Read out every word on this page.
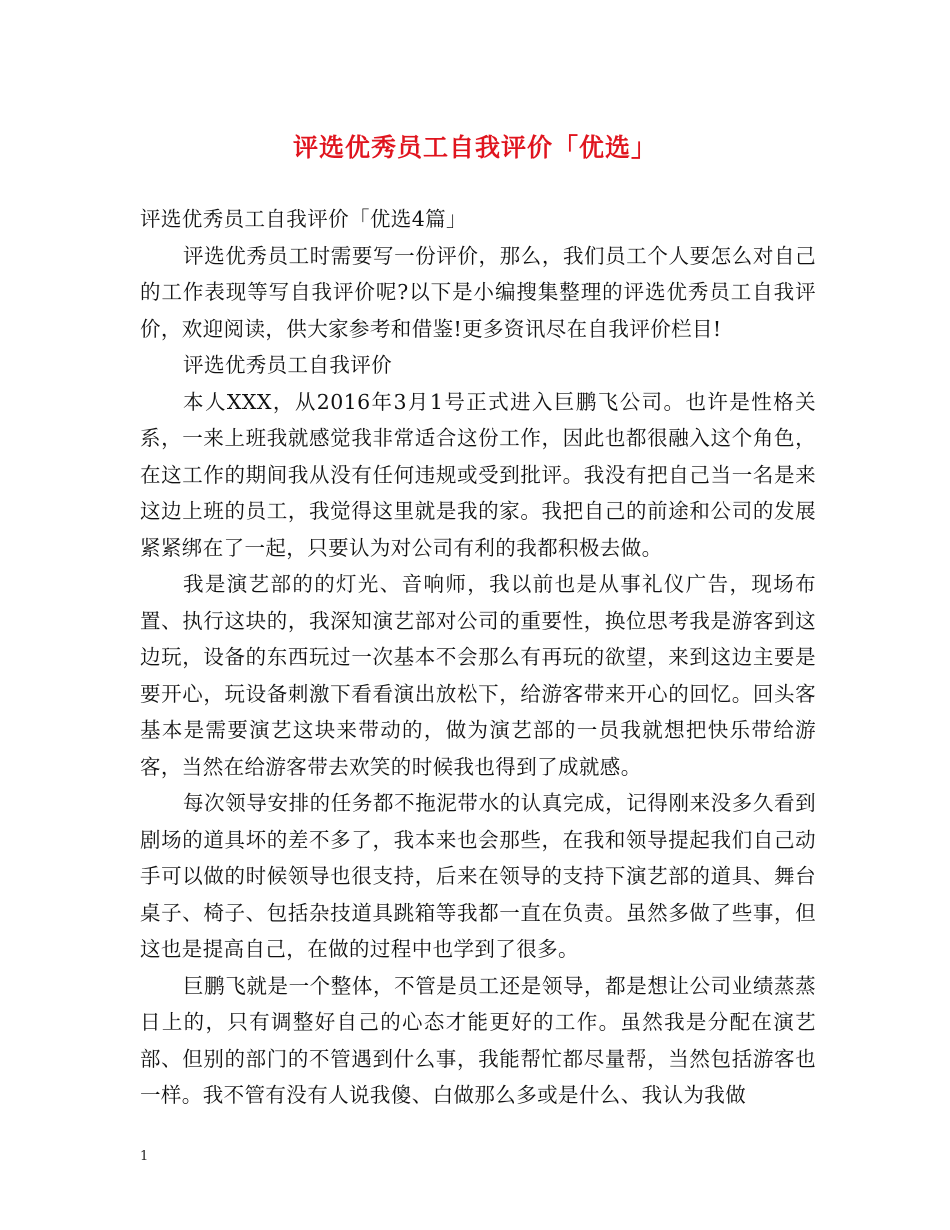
评选优秀员工自我评价「优选」

评选优秀员工自我评价「优选4篇」

评选优秀员工时需要写一份评价，那么，我们员工个人要怎么对自己的工作表现等写自我评价呢?以下是小编搜集整理的评选优秀员工自我评价，欢迎阅读，供大家参考和借鉴!更多资讯尽在自我评价栏目!

评选优秀员工自我评价

本人XXX，从2016年3月1号正式进入巨鹏飞公司。也许是性格关系，一来上班我就感觉我非常适合这份工作，因此也都很融入这个角色，在这工作的期间我从没有任何违规或受到批评。我没有把自己当一名是来这边上班的员工，我觉得这里就是我的家。我把自己的前途和公司的发展紧紧绑在了一起，只要认为对公司有利的我都积极去做。

我是演艺部的的灯光、音响师，我以前也是从事礼仪广告，现场布置、执行这块的，我深知演艺部对公司的重要性，换位思考我是游客到这边玩，设备的东西玩过一次基本不会那么有再玩的欲望，来到这边主要是要开心，玩设备刺激下看看演出放松下，给游客带来开心的回忆。回头客基本是需要演艺这块来带动的，做为演艺部的一员我就想把快乐带给游客，当然在给游客带去欢笑的时候我也得到了成就感。

每次领导安排的任务都不拖泥带水的认真完成，记得刚来没多久看到剧场的道具坏的差不多了，我本来也会那些，在我和领导提起我们自己动手可以做的时候领导也很支持，后来在领导的支持下演艺部的道具、舞台桌子、椅子、包括杂技道具跳箱等我都一直在负责。虽然多做了些事，但这也是提高自己，在做的过程中也学到了很多。

巨鹏飞就是一个整体，不管是员工还是领导，都是想让公司业绩蒸蒸日上的，只有调整好自己的心态才能更好的工作。虽然我是分配在演艺部、但别的部门的不管遇到什么事，我能帮忙都尽量帮，当然包括游客也一样。我不管有没有人说我傻、白做那么多或是什么、我认为我做

1
